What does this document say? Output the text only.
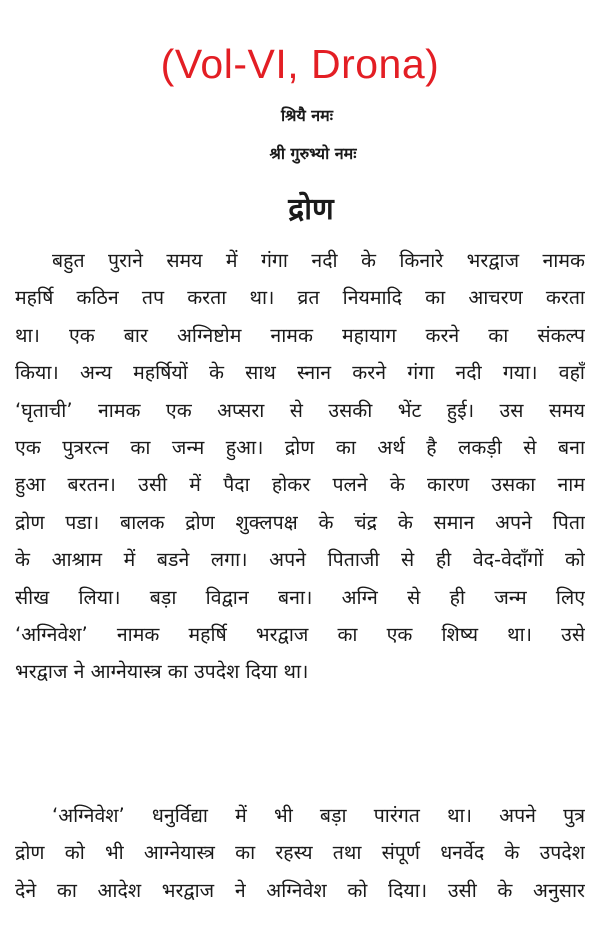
(Vol-VI, Drona)
श्रियै नमः
श्री गुरुभ्यो नमः
द्रोण
बहुत पुराने समय में गंगा नदी के किनारे भरद्वाज नामक
महर्षि कठिन तप करता था। व्रत नियमादि का आचरण करता
था। एक बार अग्निष्टोम नामक महायाग करने का संकल्प
किया। अन्य महर्षियों के साथ स्नान करने गंगा नदी गया। वहाँ
‘घृताची’ नामक एक अप्सरा से उसकी भेंट हुई। उस समय
एक पुत्ररत्न का जन्म हुआ। द्रोण का अर्थ है लकड़ी से बना
हुआ बरतन। उसी में पैदा होकर पलने के कारण उसका नाम
द्रोण पडा। बालक द्रोण शुक्लपक्ष के चंद्र के समान अपने पिता
के आश्राम में बडने लगा। अपने पिताजी से ही वेद-वेदाँगों को
सीख लिया। बड़ा विद्वान बना। अग्नि से ही जन्म लिए
‘अग्निवेश’ नामक महर्षि भरद्वाज का एक शिष्य था। उसे
भरद्वाज ने आग्नेयास्त्र का उपदेश दिया था।
‘अग्निवेश’ धनुर्विद्या में भी बड़ा पारंगत था। अपने पुत्र
द्रोण को भी आग्नेयास्त्र का रहस्य तथा संपूर्ण धनर्वेद के उपदेश
देने का आदेश भरद्वाज ने अग्निवेश को दिया। उसी के अनुसार
